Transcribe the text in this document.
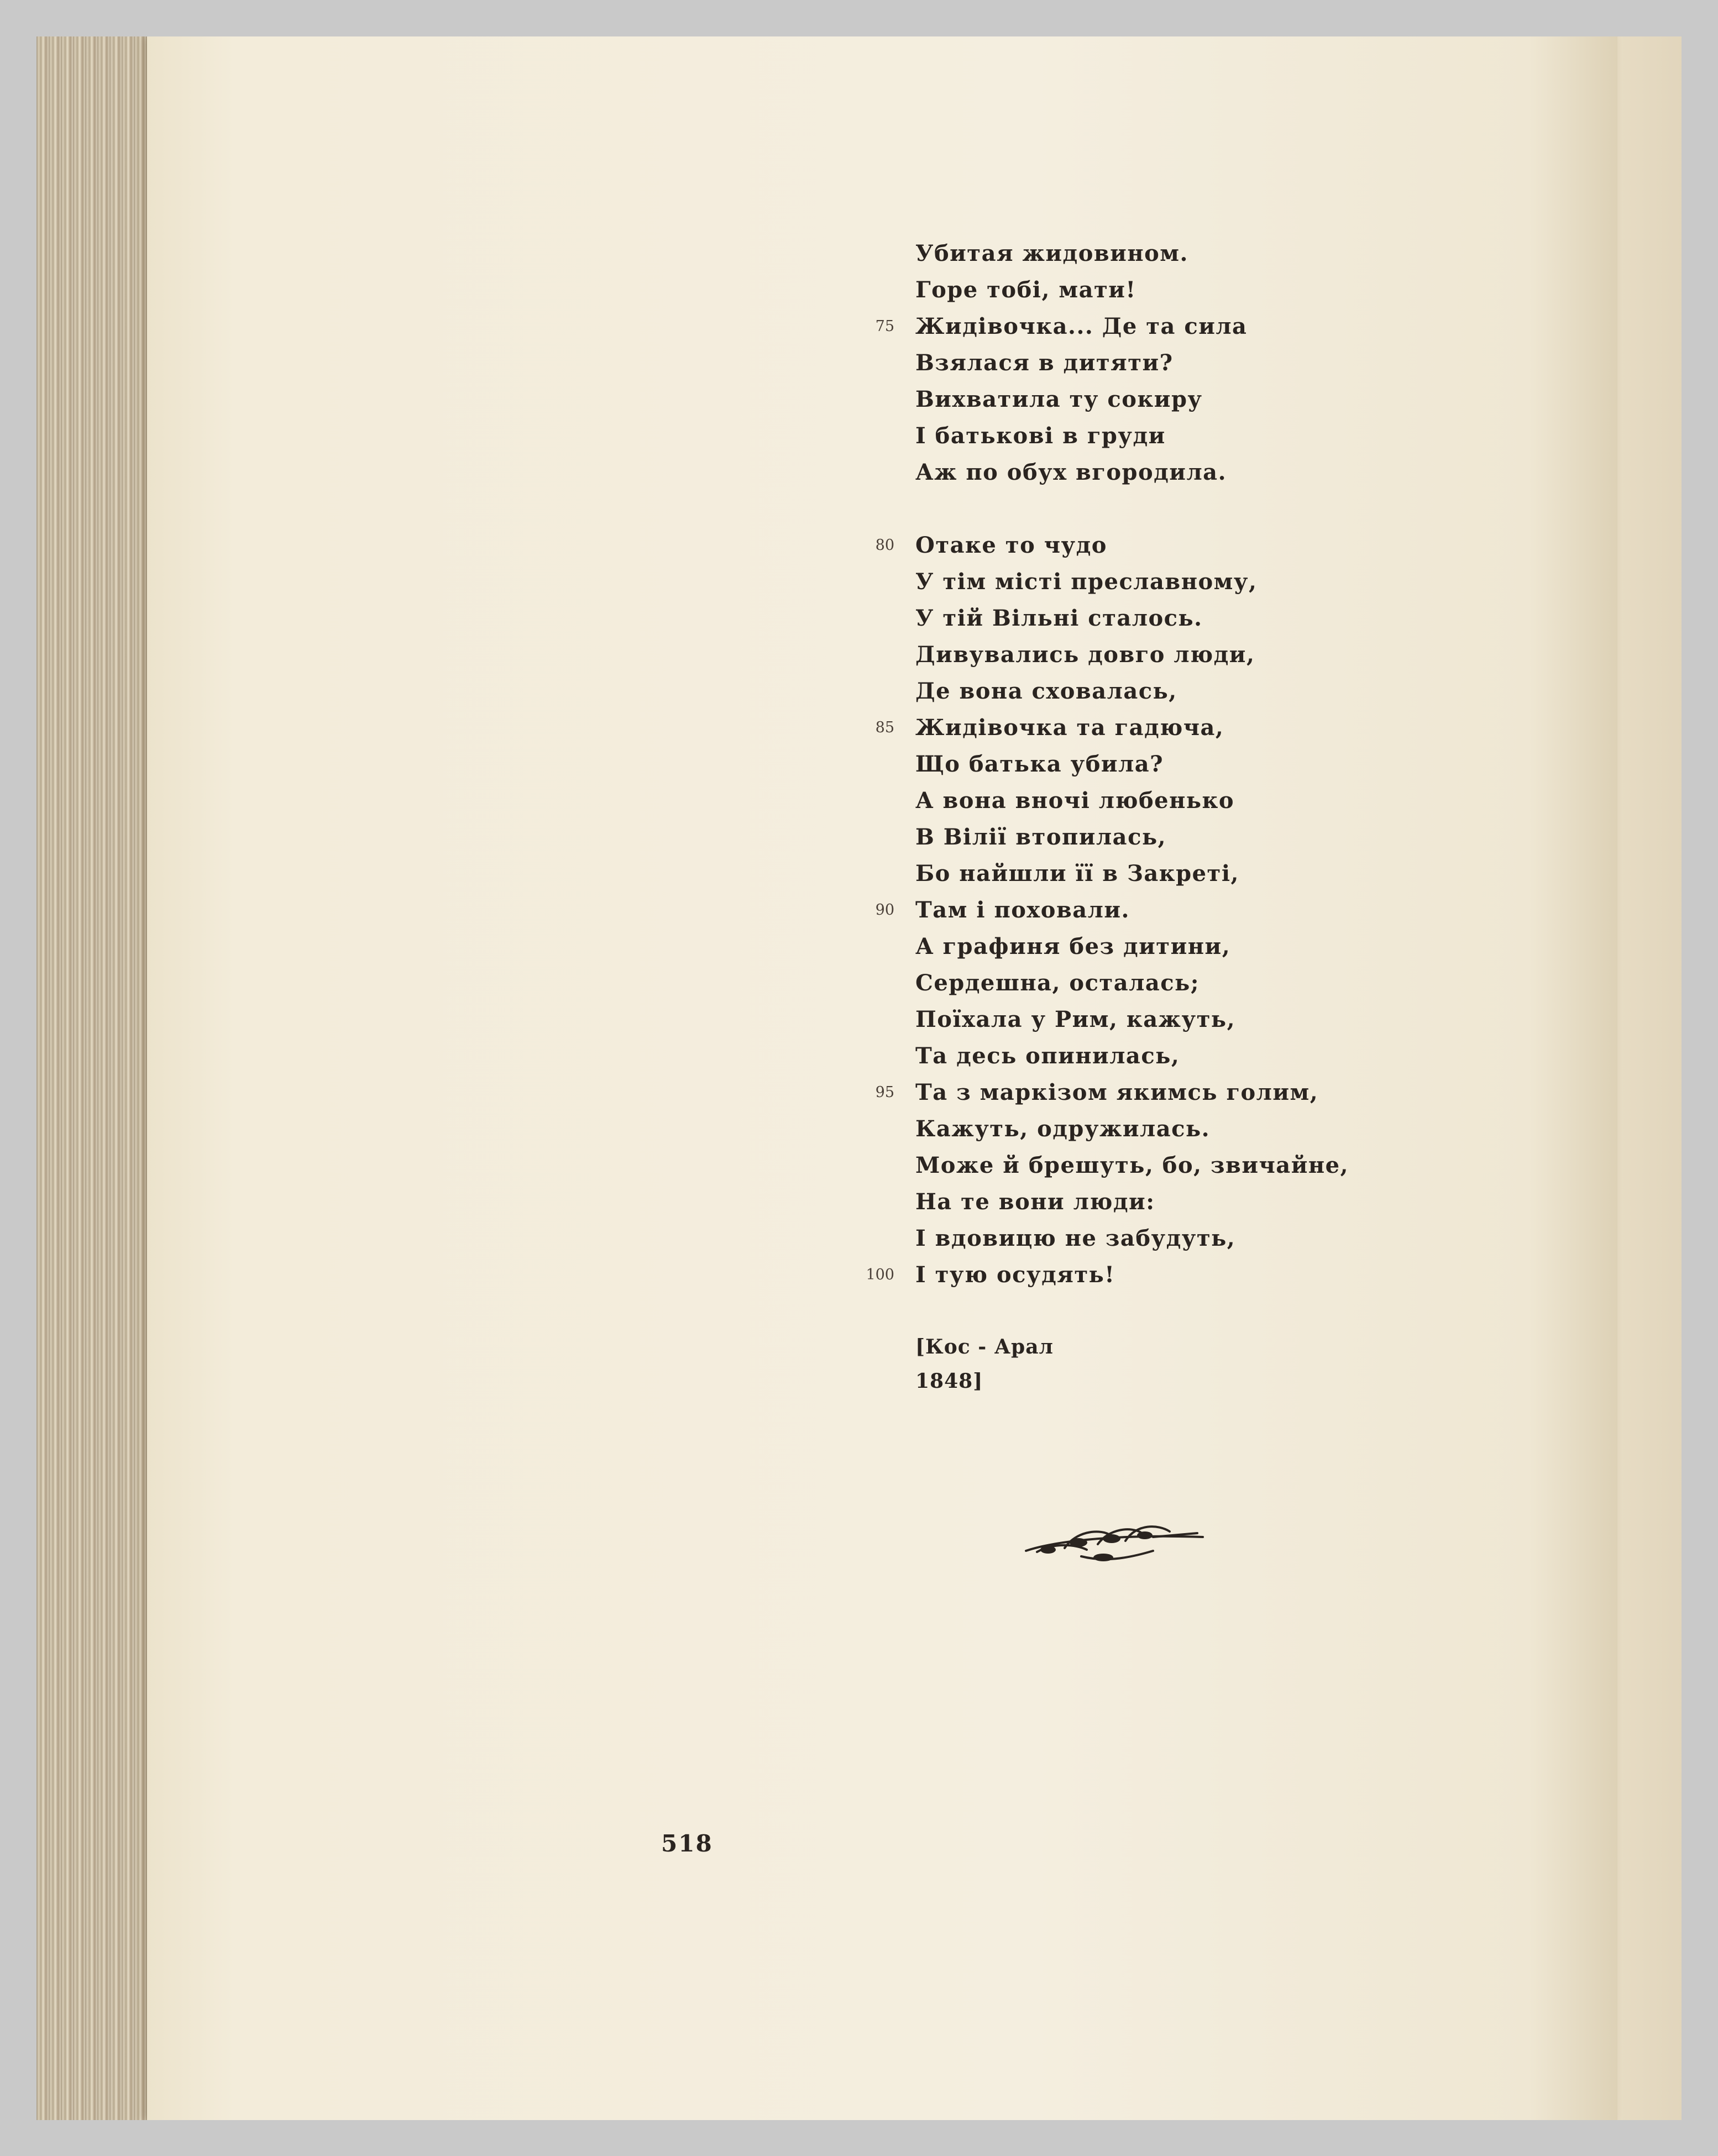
Убитая жидовином.
Горе тобі, мати!
75 Жидівочка... Де та сила
Взялася в дитяти?
Вихватила ту сокиру
І батькові в груди
Аж по обух вгородила.
80 Отаке то чудо
У тім місті преславному,
У тій Вільні сталось.
Дивувались довго люди,
Де вона сховалась,
85 Жидівочка та гадюча,
Що батька убила?
А вона вночі любенько
В Вілії втопилась,
Бо найшли її в Закреті,
90 Там і поховали.
А графиня без дитини,
Сердешна, осталась;
Поїхала у Рим, кажуть,
Та десь опинилась,
95 Та з маркізом якимсь голим,
Кажуть, одружилась.
Може й брешуть, бо, звичайне,
На те вони люди:
І вдовицю не забудуть,
100 І тую осудять!
[Кос - Арал
1848]
518
